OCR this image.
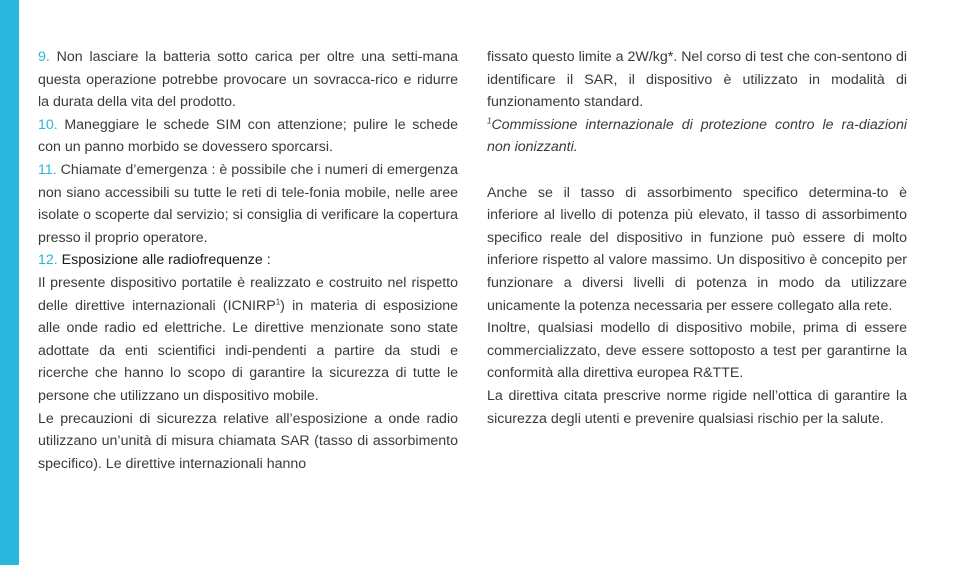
9. Non lasciare la batteria sotto carica per oltre una setti-mana questa operazione potrebbe provocare un sovracca-rico e ridurre la durata della vita del prodotto.

10. Maneggiare le schede SIM con attenzione; pulire le schede con un panno morbido se dovessero sporcarsi.

11. Chiamate d’emergenza : è possibile che i numeri di emergenza non siano accessibili su tutte le reti di tele-fonia mobile, nelle aree isolate o scoperte dal servizio; si consiglia di verificare la copertura presso il proprio operatore.

12. Esposizione alle radiofrequenze :

Il presente dispositivo portatile è realizzato e costruito nel rispetto delle direttive internazionali (ICNIRP$^1$) in materia di esposizione alle onde radio ed elettriche. Le direttive menzionate sono state adottate da enti scientifici indi-pendenti a partire da studi e ricerche che hanno lo scopo di garantire la sicurezza di tutte le persone che utilizzano un dispositivo mobile.

Le precauzioni di sicurezza relative all’esposizione a onde radio utilizzano un’unità di misura chiamata SAR (tasso di assorbimento specifico). Le direttive internazionali hanno

fissato questo limite a 2W/kg*. Nel corso di test che con-sentono di identificare il SAR, il dispositivo è utilizzato in modalità di funzionamento standard.

$^1$Commissione internazionale di protezione contro le ra-diazioni non ionizzanti.

Anche se il tasso di assorbimento specifico determina-to è inferiore al livello di potenza più elevato, il tasso di assorbimento specifico reale del dispositivo in funzione può essere di molto inferiore rispetto al valore massimo. Un dispositivo è concepito per funzionare a diversi livelli di potenza in modo da utilizzare unicamente la potenza necessaria per essere collegato alla rete.

Inoltre, qualsiasi modello di dispositivo mobile, prima di essere commercializzato, deve essere sottoposto a test per garantirne la conformità alla direttiva europea R&TTE.

La direttiva citata prescrive norme rigide nell’ottica di garantire la sicurezza degli utenti e prevenire qualsiasi rischio per la salute.
